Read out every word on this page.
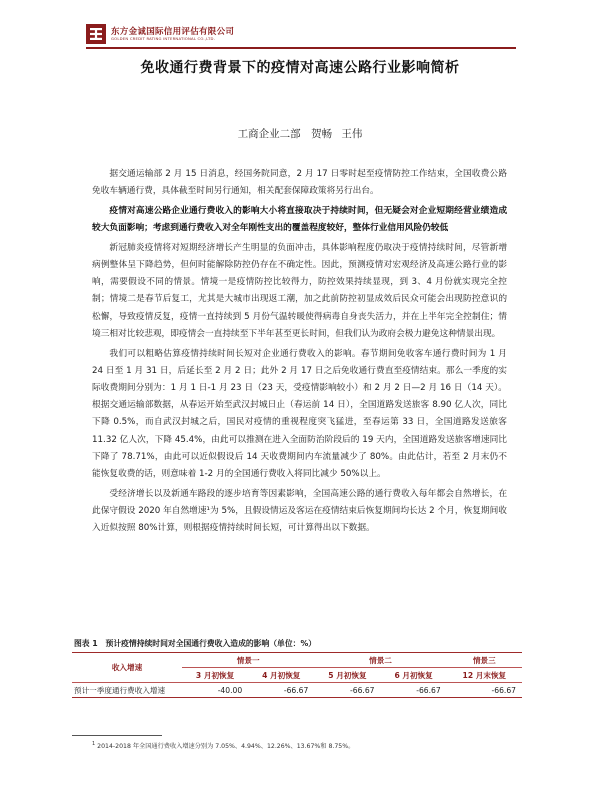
东方金诚国际信用评估有限公司
GOLDEN CREDIT RATING INTERNATIONAL CO.,LTD.
免收通行费背景下的疫情对高速公路行业影响简析
工商企业二部　贺畅 王伟

据交通运输部 2 月 15 日消息，经国务院同意，2 月 17 日零时起至疫情防控工作结束，全国收费公路免收车辆通行费，具体截至时间另行通知，相关配套保障政策将另行出台。

疫情对高速公路企业通行费收入的影响大小将直接取决于持续时间，但无疑会对企业短期经营业绩造成较大负面影响；考虑到通行费收入对全年刚性支出的覆盖程度较好，整体行业信用风险仍较低

新冠肺炎疫情将对短期经济增长产生明显的负面冲击，具体影响程度仍取决于疫情持续时间，尽管新增病例整体呈下降趋势，但何时能解除防控仍存在不确定性。因此，预测疫情对宏观经济及高速公路行业的影响，需要假设不同的情景。情境一是疫情防控比较得力，防控效果持续显现，到 3、4 月份就实现完全控制；情境二是春节后复工，尤其是大城市出现返工潮，加之此前防控初显成效后民众可能会出现防控意识的松懈，导致疫情反复，疫情一直持续到 5 月份气温转暖使得病毒自身丧失活力，并在上半年完全控制住；情境三相对比较悲观，即疫情会一直持续至下半年甚至更长时间，但我们认为政府会极力避免这种情景出现。

我们可以粗略估算疫情持续时间长短对企业通行费收入的影响。春节期间免收客车通行费时间为 1 月 24 日至 1 月 31 日，后延长至 2 月 2 日；此外 2 月 17 日之后免收通行费直至疫情结束。那么一季度的实际收费期间分别为：1 月 1 日-1 月 23 日（23 天，受疫情影响较小）和 2 月 2 日—2 月 16 日（14 天）。根据交通运输部数据，从春运开始至武汉封城日止（春运前 14 日），全国道路发送旅客 8.90 亿人次，同比下降 0.5%，而自武汉封城之后，国民对疫情的重视程度突飞猛进，至春运第 33 日，全国道路发送旅客 11.32 亿人次，下降 45.4%，由此可以推测在进入全面防治阶段后的 19 天内，全国道路发送旅客增速同比下降了 78.71%，由此可以近似假设后 14 天收费期间内车流量减少了 80%。由此估计，若至 2 月末仍不能恢复收费的话，则意味着 1-2 月的全国通行费收入将同比减少 50%以上。

受经济增长以及新通车路段的逐步培育等因素影响，全国高速公路的通行费收入每年都会自然增长，在此保守假设 2020 年自然增速¹为 5%，且假设情运及客运在疫情结束后恢复期间均长达 2 个月，恢复期间收入近似按照 80%计算，则根据疫情持续时间长短，可计算得出以下数据。

图表 1　预计疫情持续时间对全国通行费收入造成的影响（单位：%）
收入增速	情景一		情景二		情景三
	3 月初恢复	4 月初恢复	5 月初恢复	6 月初恢复	12 月末恢复
预计一季度通行费收入增速	-40.00	-66.67	-66.67	-66.67	-66.67
$^1$ 2014-2018 年全国通行费收入增速分别为 7.05%、4.94%、12.26%、13.67%和 8.75%。
